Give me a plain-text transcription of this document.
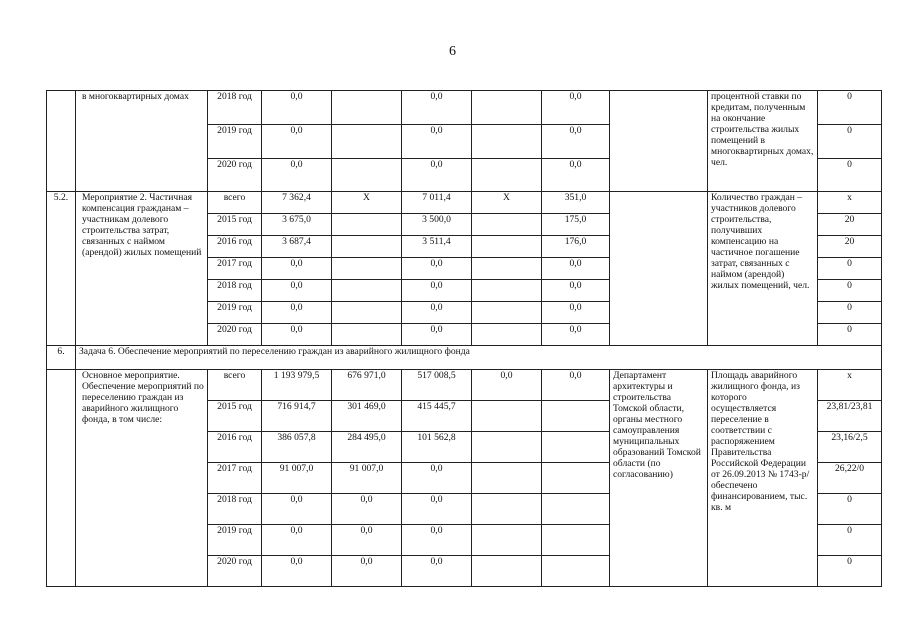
6
	в многоквартирных домах	2018 год	0,0		0,0		0,0		процентной ставки по кредитам, полученным на окончание строительства жилых помещений в многоквартирных домах, чел.	0
		2019 год	0,0		0,0		0,0			0
		2020 год	0,0		0,0		0,0			0
5.2.	Мероприятие 2. Частичная компенсация гражданам – участникам долевого строительства затрат, связанных с наймом (арендой) жилых помещений	всего	7 362,4	Х	7 011,4	Х	351,0		Количество граждан – участников долевого строительства, получивших компенсацию на частичное погашение затрат, связанных с наймом (арендой) жилых помещений, чел.	х
		2015 год	3 675,0		3 500,0		175,0			20
		2016 год	3 687,4		3 511,4		176,0			20
		2017 год	0,0		0,0		0,0			0
		2018 год	0,0		0,0		0,0			0
		2019 год	0,0		0,0		0,0			0
		2020 год	0,0		0,0		0,0			0
6.	Задача 6. Обеспечение мероприятий по переселению граждан из аварийного жилищного фонда									
	Основное мероприятие. Обеспечение мероприятий по переселению граждан из аварийного жилищного фонда, в том числе:	всего	1 193 979,5	676 971,0	517 008,5	0,0	0,0	Департамент архитектуры и строительства Томской области, органы местного самоуправления муниципальных образований Томской области (по согласованию)	Площадь аварийного жилищного фонда, из которого осуществляется переселение в соответствии с распоряжением Правительства Российской Федерации от 26.09.2013 № 1743-р/ обеспечено финансированием, тыс. кв. м	х
		2015 год	716 914,7	301 469,0	415 445,7					23,81/23,81
		2016 год	386 057,8	284 495,0	101 562,8					23,16/2,5
		2017 год	91 007,0	91 007,0	0,0					26,22/0
		2018 год	0,0	0,0	0,0					0
		2019 год	0,0	0,0	0,0					0
		2020 год	0,0	0,0	0,0					0
